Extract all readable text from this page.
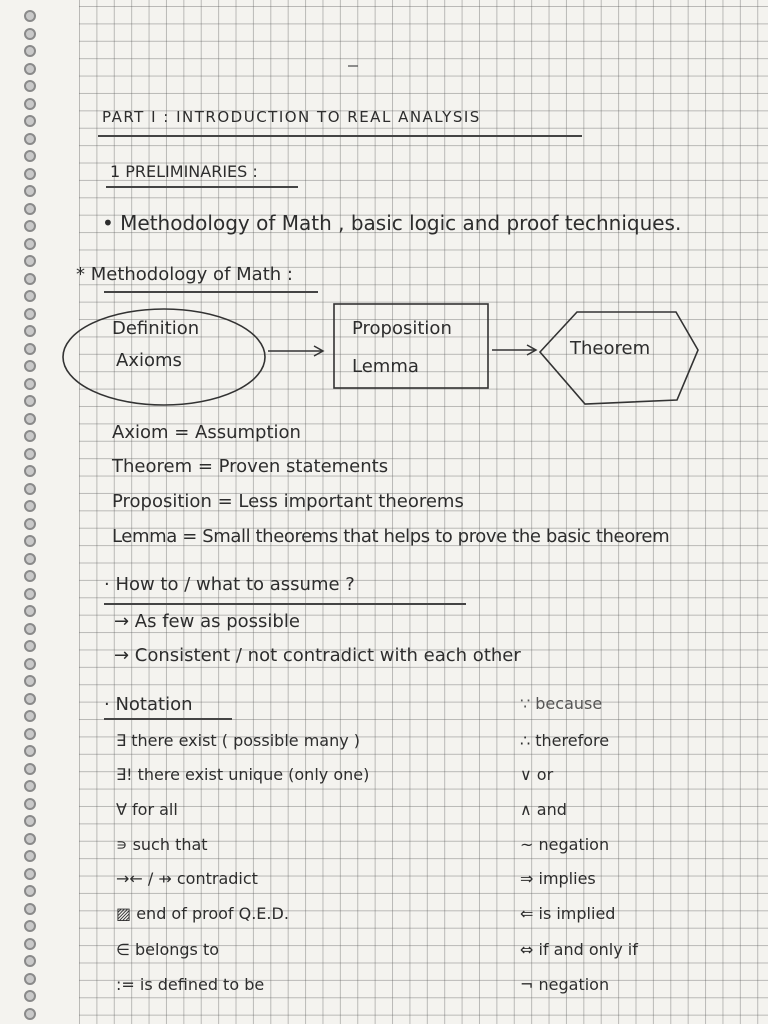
PART I : INTRODUCTION TO REAL ANALYSIS
1 PRELIMINARIES :
• Methodology of Math , basic logic and proof techniques.
* Methodology of Math :
Definition
Axioms
Proposition
Lemma
Theorem
Axiom = Assumption
Theorem = Proven statements
Proposition = Less important theorems
Lemma = Small theorems that helps to prove the basic theorem
· How to / what to assume ?
→ As few as possible
→ Consistent / not contradict with each other
· Notation
∃ there exist ( possible many )
∃! there exist unique (only one)
∀ for all
∍ such that
→← / ⇸ contradict
▨ end of proof Q.E.D.
∈ belongs to
:= is defined to be
∵ because
∴ therefore
∨ or
∧ and
~ negation
⇒ implies
⇐ is implied
⇔ if and only if
¬ negation
